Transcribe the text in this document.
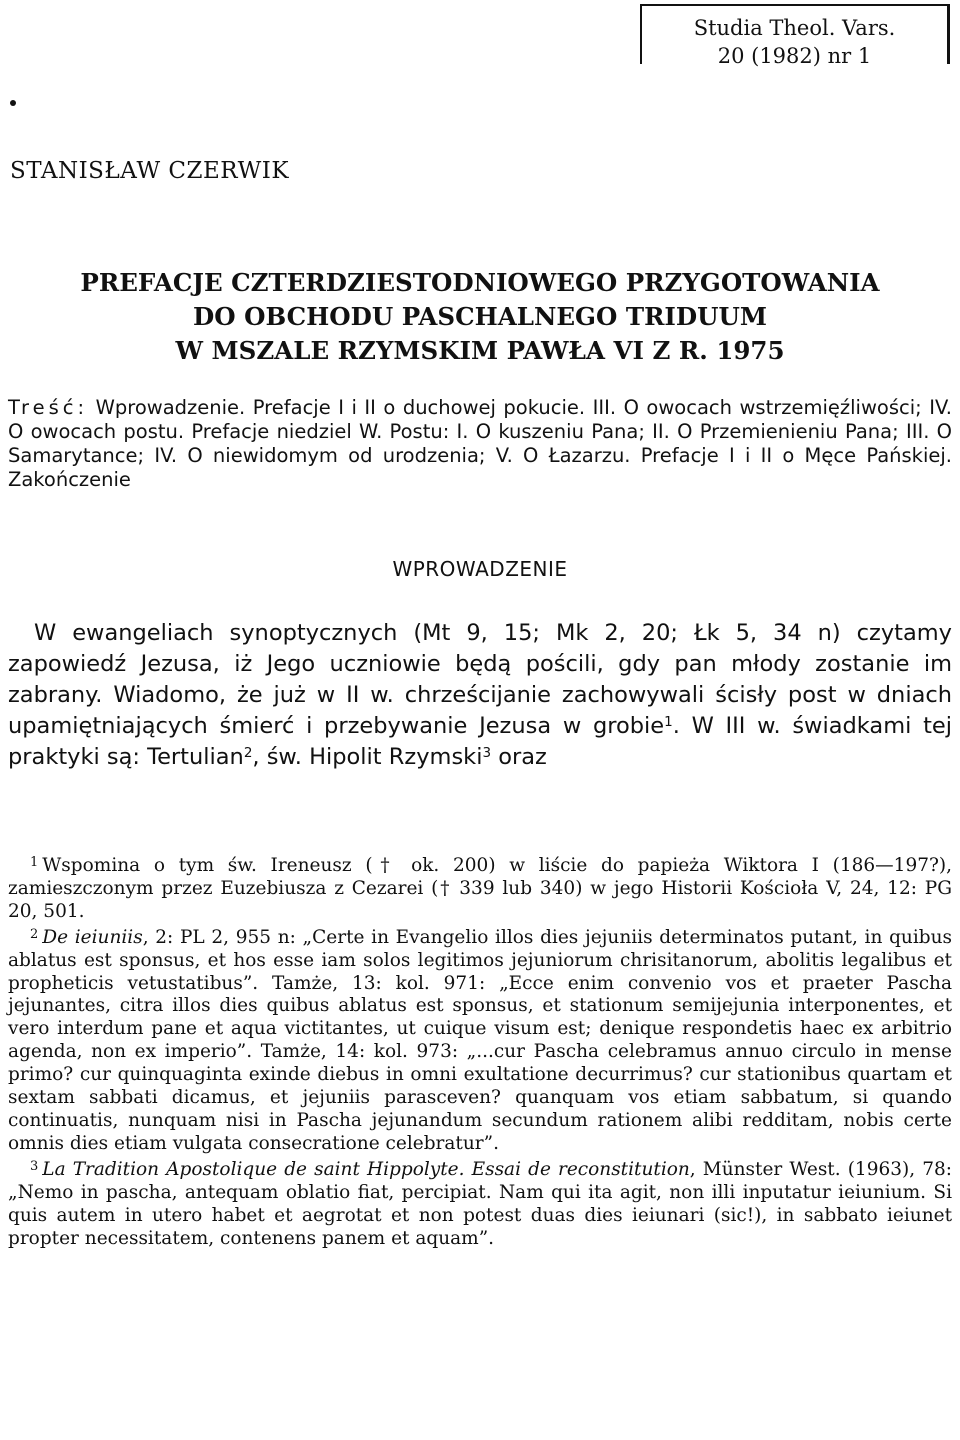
Studia Theol. Vars.
20 (1982) nr 1
STANISŁAW CZERWIK
PREFACJE CZTERDZIESTODNIOWEGO PRZYGOTOWANIA
DO OBCHODU PASCHALNEGO TRIDUUM
W MSZALE RZYMSKIM PAWŁA VI Z R. 1975
Treść: Wprowadzenie. Prefacje I i II o duchowej pokucie. III. O owocach wstrzemięźliwości; IV. O owocach postu. Prefacje niedziel W. Postu: I. O kuszeniu Pana; II. O Przemienieniu Pana; III. O Samarytance; IV. O niewidomym od urodzenia; V. O Łazarzu. Prefacje I i II o Męce Pańskiej. Zakończenie
WPROWADZENIE
W ewangeliach synoptycznych (Mt 9, 15; Mk 2, 20; Łk 5, 34 n) czytamy zapowiedź Jezusa, iż Jego uczniowie będą pościli, gdy pan młody zostanie im zabrany. Wiadomo, że już w II w. chrześcijanie zachowywali ścisły post w dniach upamiętniających śmierć i przebywanie Jezusa w grobie$^1$. W III w. świadkami tej praktyki są: Tertulian$^2$, św. Hipolit Rzymski$^3$ oraz

$^1$ Wspomina o tym św. Ireneusz († ok. 200) w liście do papieża Wiktora I (186—197?), zamieszczonym przez Euzebiusza z Cezarei († 339 lub 340) w jego Historii Kościoła V, 24, 12: PG 20, 501.

$^2$ De ieiuniis, 2: PL 2, 955 n: „Certe in Evangelio illos dies jejuniis determinatos putant, in quibus ablatus est sponsus, et hos esse iam solos legitimos jejuniorum chrisitanorum, abolitis legalibus et propheticis vetustatibus”. Tamże, 13: kol. 971: „Ecce enim convenio vos et praeter Pascha jejunantes, citra illos dies quibus ablatus est sponsus, et stationum semijejunia interponentes, et vero interdum pane et aqua victitantes, ut cuique visum est; denique respondetis haec ex arbitrio agenda, non ex imperio”. Tamże, 14: kol. 973: „...cur Pascha celebramus annuo circulo in mense primo? cur quinquaginta exinde diebus in omni exultatione decurrimus? cur stationibus quartam et sextam sabbati dicamus, et jejuniis parasceven? quanquam vos etiam sabbatum, si quando continuatis, nunquam nisi in Pascha jejunandum secundum rationem alibi redditam, nobis certe omnis dies etiam vulgata consecratione celebratur”.

$^3$ La Tradition Apostolique de saint Hippolyte. Essai de reconstitution, Münster West. (1963), 78: „Nemo in pascha, antequam oblatio fiat, percipiat. Nam qui ita agit, non illi inputatur ieiunium. Si quis autem in utero habet et aegrotat et non potest duas dies ieiunari (sic!), in sabbato ieiunet propter necessitatem, contenens panem et aquam”.
